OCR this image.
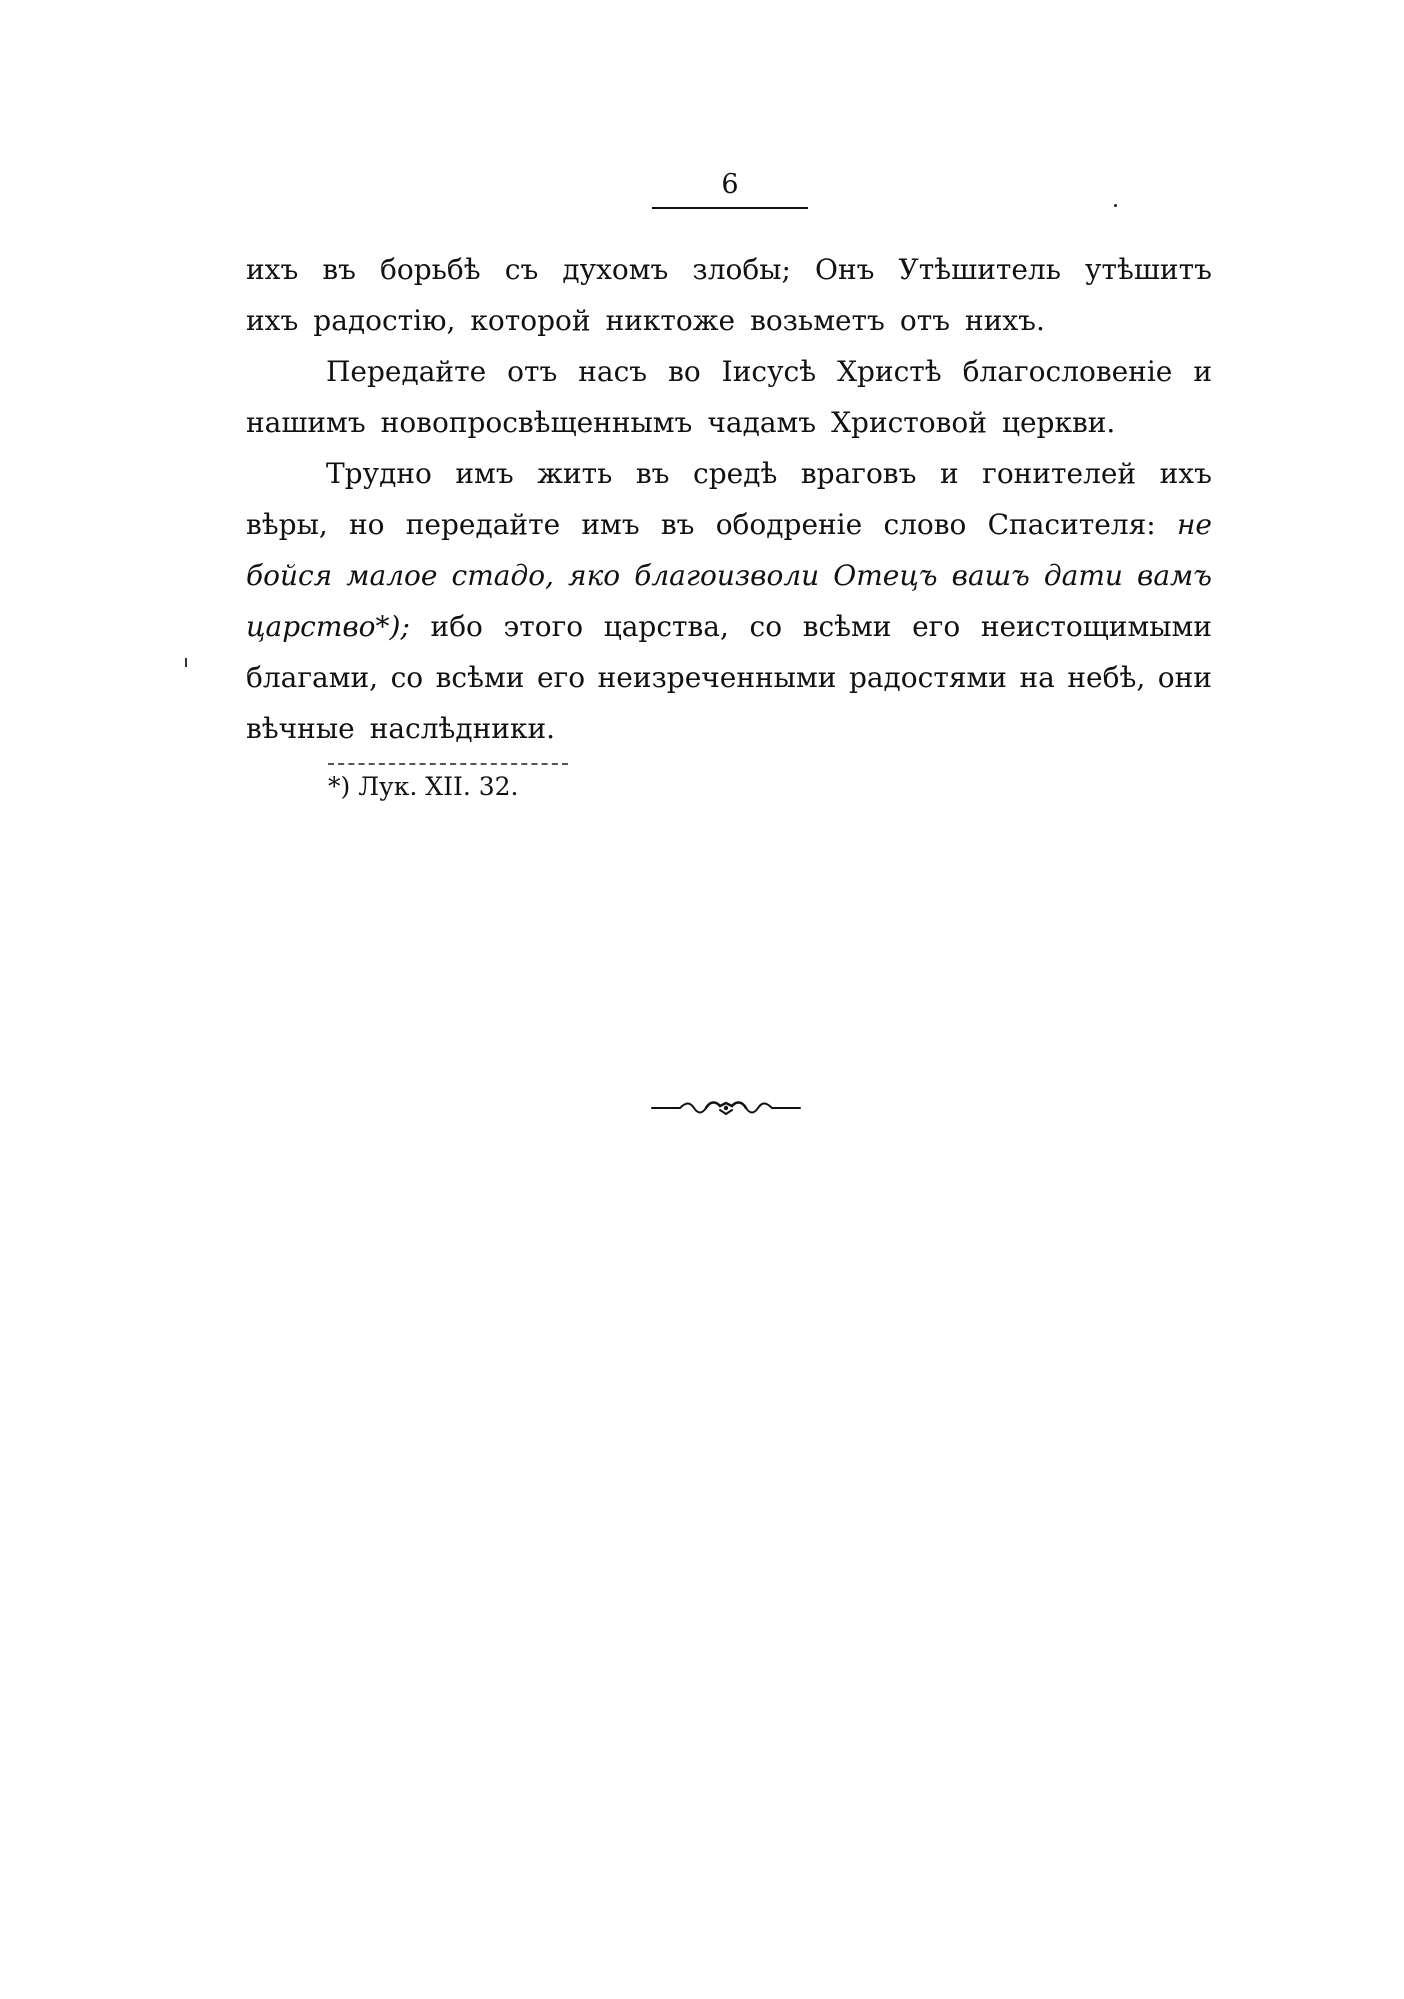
6
ихъ въ борьбѣ съ духомъ злобы; Онъ Утѣшитель утѣшитъ
ихъ радостію, которой никтоже возьметъ отъ нихъ.
Передайте отъ насъ во Іисусѣ Христѣ благословеніе и
нашимъ новопросвѣщеннымъ чадамъ Христовой церкви.
Трудно имъ жить въ средѣ враговъ и гонителей ихъ
вѣры, но передайте имъ въ ободреніе слово Спасителя: не
бойся малое стадо, яко благоизволи Отецъ вашъ дати вамъ
царство*); ибо этого царства, со всѣми его неистощимыми
благами, со всѣми его неизреченными радостями на небѣ, они
вѣчные наслѣдники.
*) Лук. XII. 32.
